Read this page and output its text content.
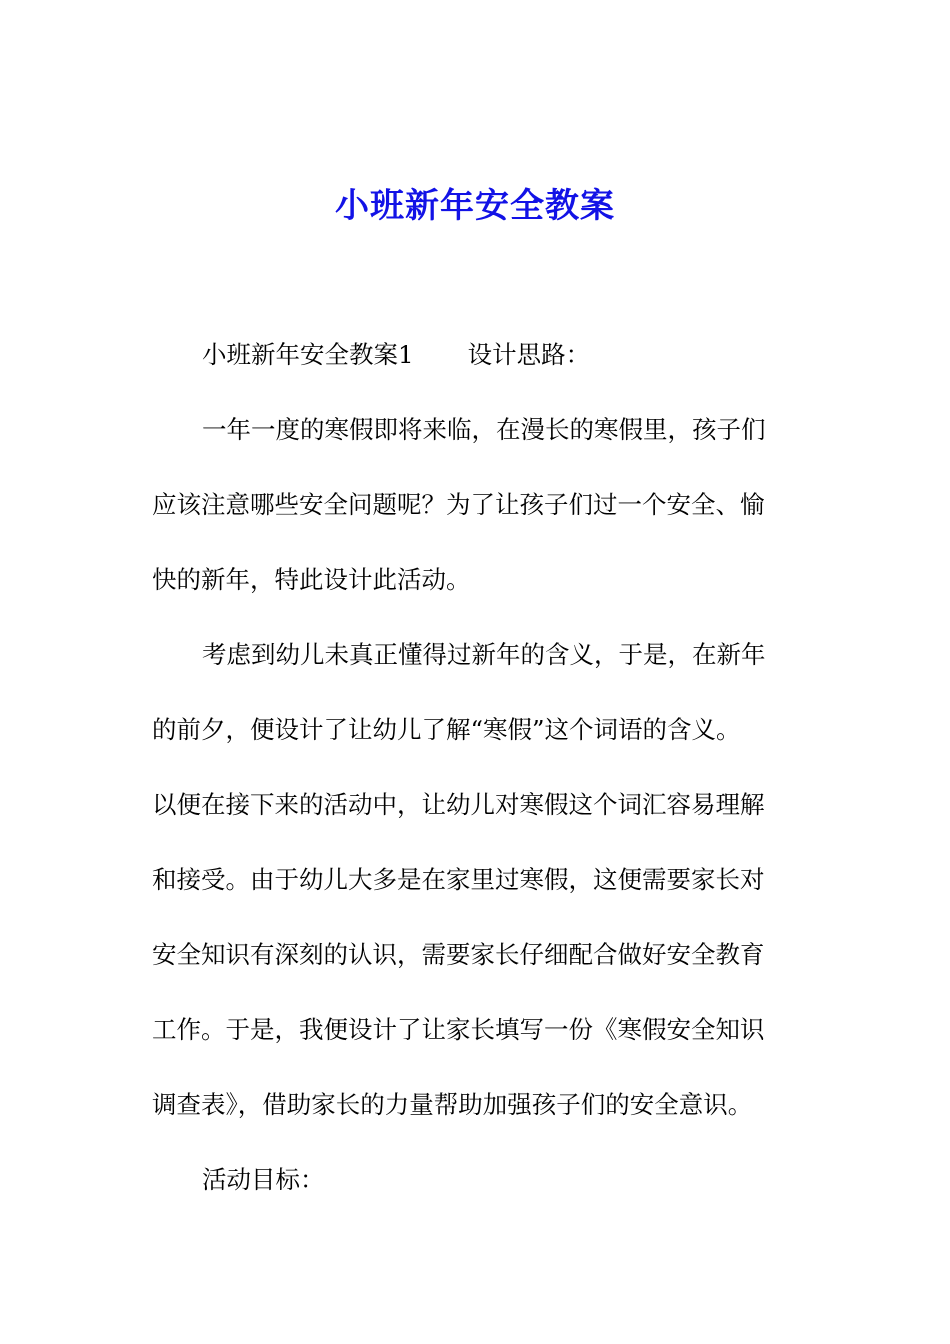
小班新年安全教案
小班新年安全教案1 设计思路：
一年一度的寒假即将来临，在漫长的寒假里，孩子们
应该注意哪些安全问题呢？为了让孩子们过一个安全、愉
快的新年，特此设计此活动。
考虑到幼儿未真正懂得过新年的含义，于是，在新年
的前夕，便设计了让幼儿了解“寒假”这个词语的含义。
以便在接下来的活动中，让幼儿对寒假这个词汇容易理解
和接受。由于幼儿大多是在家里过寒假，这便需要家长对
安全知识有深刻的认识，需要家长仔细配合做好安全教育
工作。于是，我便设计了让家长填写一份《寒假安全知识
调查表》，借助家长的力量帮助加强孩子们的安全意识。
活动目标：
